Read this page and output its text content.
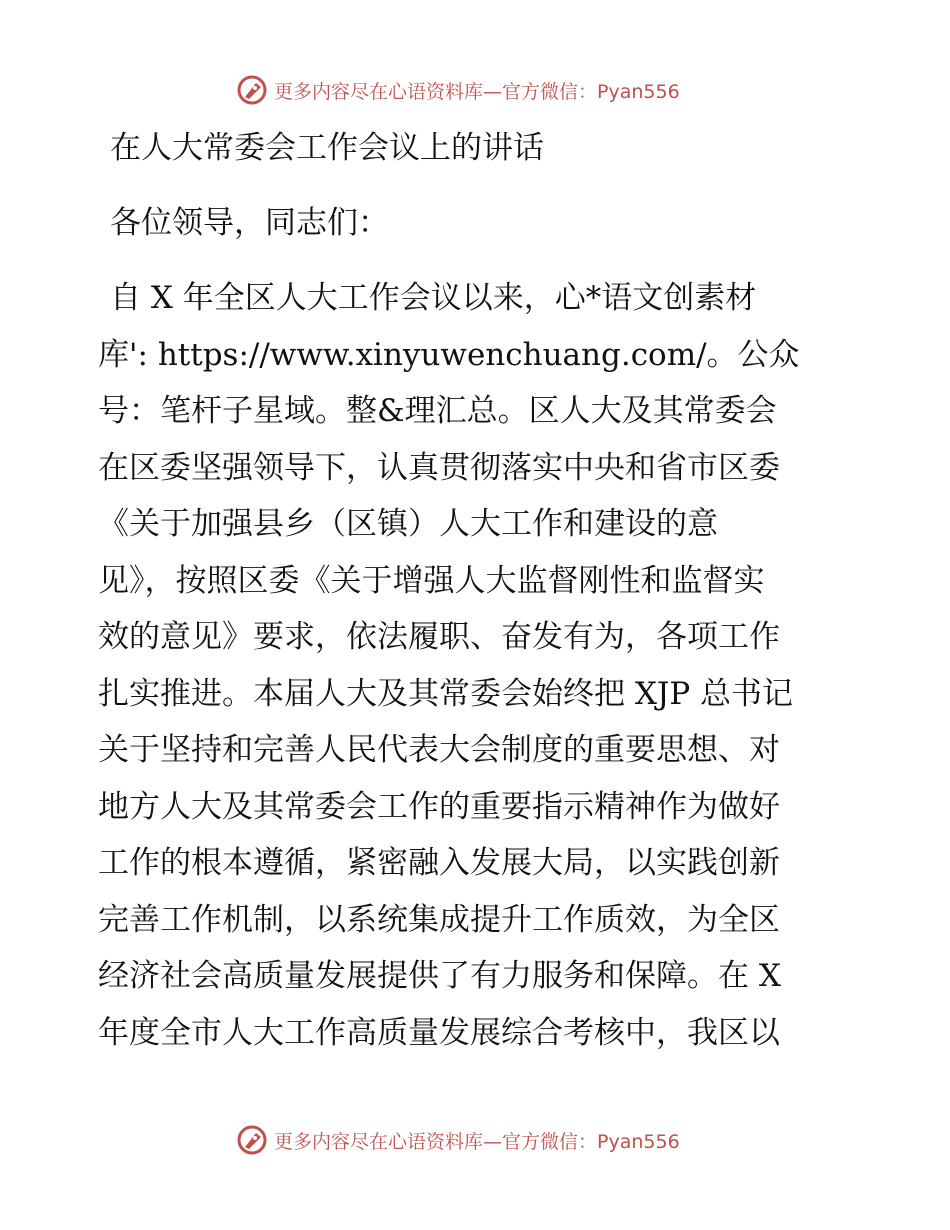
更多内容尽在心语资料库—官方微信：Pyan556
在人大常委会工作会议上的讲话
各位领导，同志们：
自 X 年全区人大工作会议以来，心*语文创素材
库': https://www.xinyuwenchuang.com/。公众
号：笔杆子星域。整&理汇总。区人大及其常委会
在区委坚强领导下，认真贯彻落实中央和省市区委
《关于加强县乡（区镇）人大工作和建设的意
见》，按照区委《关于增强人大监督刚性和监督实
效的意见》要求，依法履职、奋发有为，各项工作
扎实推进。本届人大及其常委会始终把 XJP 总书记
关于坚持和完善人民代表大会制度的重要思想、对
地方人大及其常委会工作的重要指示精神作为做好
工作的根本遵循，紧密融入发展大局，以实践创新
完善工作机制，以系统集成提升工作质效，为全区
经济社会高质量发展提供了有力服务和保障。在 X
年度全市人大工作高质量发展综合考核中，我区以
更多内容尽在心语资料库—官方微信：Pyan556
